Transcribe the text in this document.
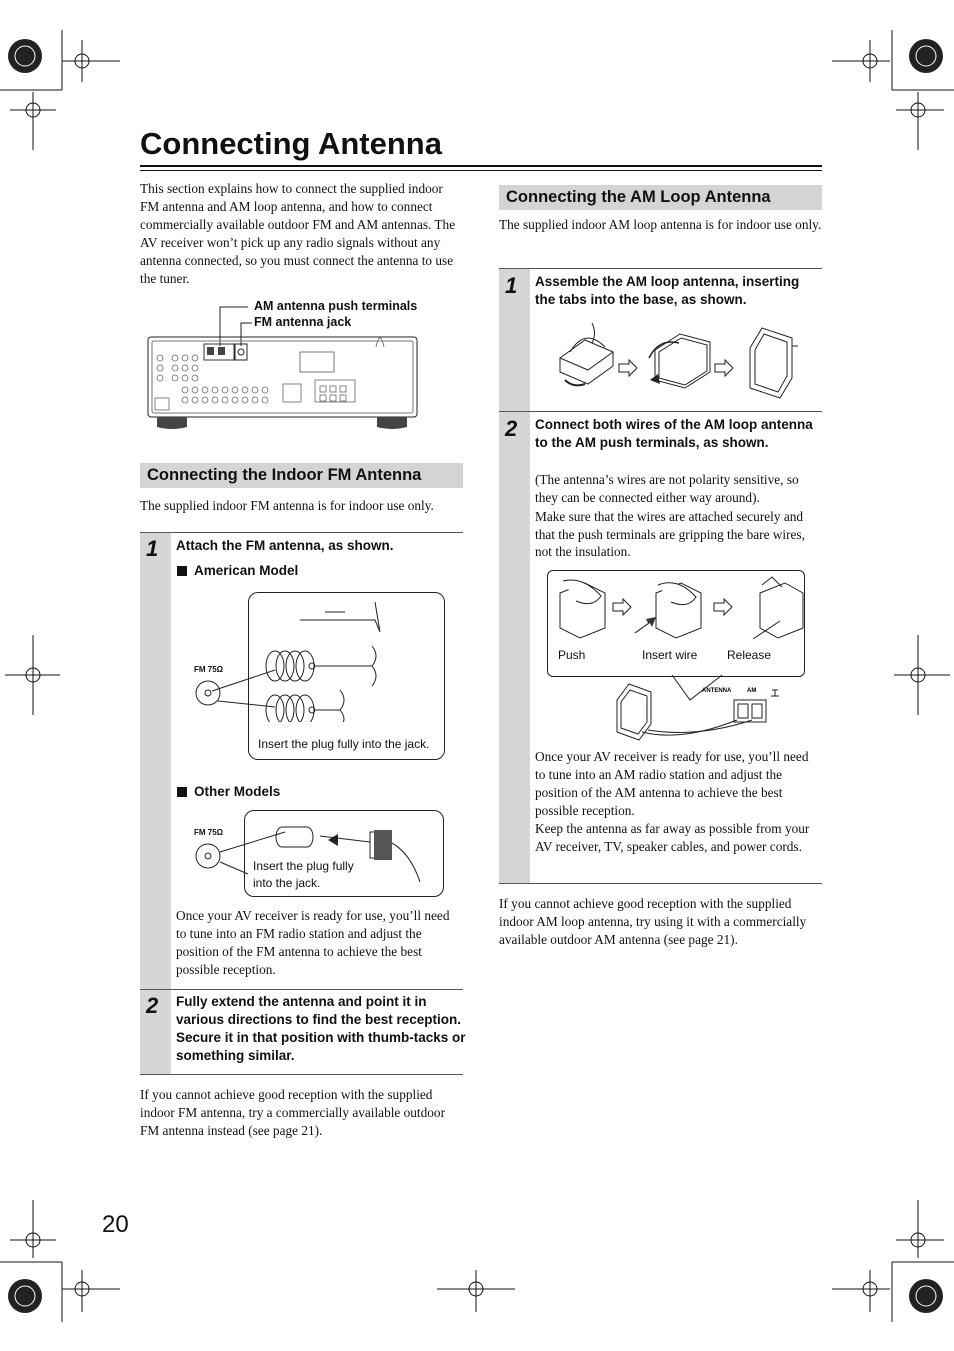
Connecting Antenna
This section explains how to connect the supplied indoor FM antenna and AM loop antenna, and how to connect commercially available outdoor FM and AM antennas. The AV receiver won’t pick up any radio signals without any antenna connected, so you must connect the antenna to use the tuner.
AM antenna push terminals
FM antenna jack
Connecting the Indoor FM Antenna
The supplied indoor FM antenna is for indoor use only.
1 Attach the FM antenna, as shown.
American Model
FM 75Ω
Insert the plug fully into the jack.
Other Models
FM 75Ω
Insert the plug fully
into the jack.
Once your AV receiver is ready for use, you’ll need to tune into an FM radio station and adjust the position of the FM antenna to achieve the best possible reception.
2 Fully extend the antenna and point it in various directions to find the best reception. Secure it in that position with thumb-tacks or something similar.
If you cannot achieve good reception with the supplied indoor FM antenna, try a commercially available outdoor FM antenna instead (see page 21).
Connecting the AM Loop Antenna
The supplied indoor AM loop antenna is for indoor use only.
1 Assemble the AM loop antenna, inserting the tabs into the base, as shown.
2 Connect both wires of the AM loop antenna to the AM push terminals, as shown.
(The antenna’s wires are not polarity sensitive, so they can be connected either way around).
Make sure that the wires are attached securely and that the push terminals are gripping the bare wires, not the insulation.
Push	Insert wire Release
ANTENNA	AM
Once your AV receiver is ready for use, you’ll need to tune into an AM radio station and adjust the position of the AM antenna to achieve the best possible reception.
Keep the antenna as far away as possible from your AV receiver, TV, speaker cables, and power cords.
If you cannot achieve good reception with the supplied indoor AM loop antenna, try using it with a commercially available outdoor AM antenna (see page 21).
20
